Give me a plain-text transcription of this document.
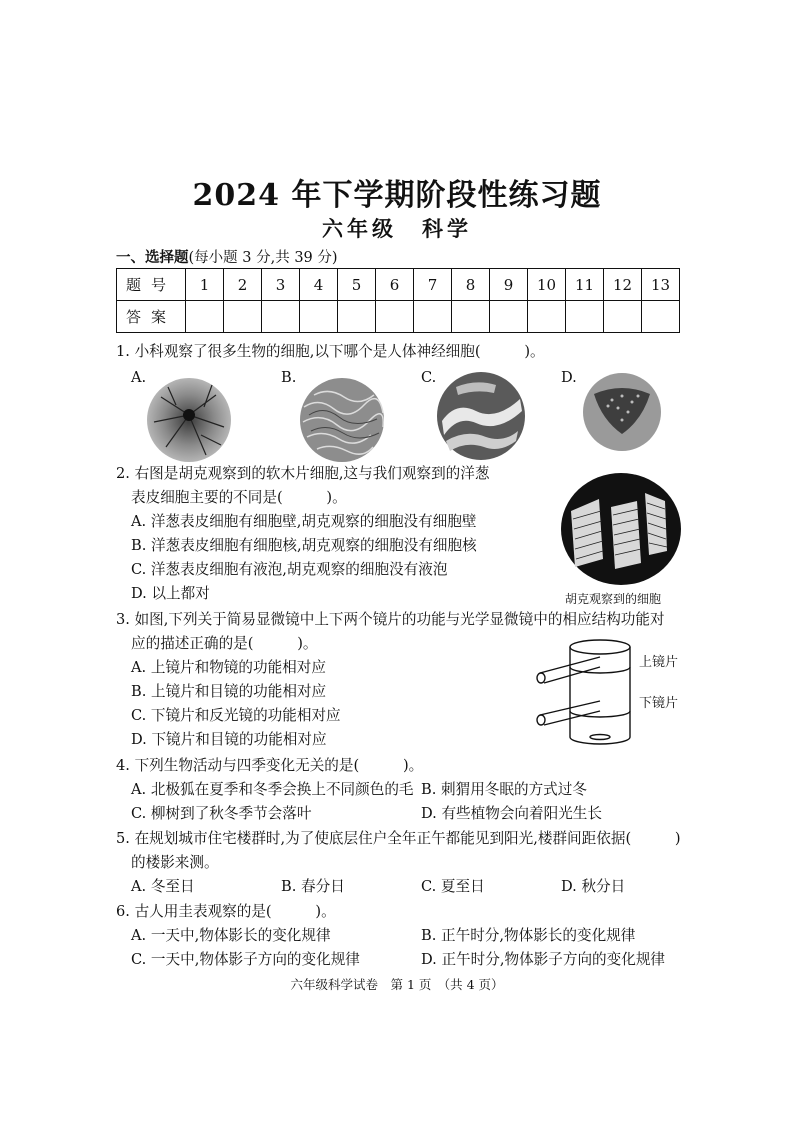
2024 年下学期阶段性练习题
六年级　科学
一、选择题(每小题 3 分,共 39 分)
题号	1	2	3	4	5	6	7	8	9	10	11	12	13
答案													
1. 小科观察了很多生物的细胞,以下哪个是人体神经细胞(　　　)。
A.	B.	C.	D.
2. 右图是胡克观察到的软木片细胞,这与我们观察到的洋葱
表皮细胞主要的不同是(　　　)。
A. 洋葱表皮细胞有细胞壁,胡克观察的细胞没有细胞壁
B. 洋葱表皮细胞有细胞核,胡克观察的细胞没有细胞核
C. 洋葱表皮细胞有液泡,胡克观察的细胞没有液泡
D. 以上都对	胡克观察到的细胞
3. 如图,下列关于简易显微镜中上下两个镜片的功能与光学显微镜中的相应结构功能对
应的描述正确的是(　　　)。
A. 上镜片和物镜的功能相对应
B. 上镜片和目镜的功能相对应
C. 下镜片和反光镜的功能相对应
D. 下镜片和目镜的功能相对应
上镜片
下镜片
4. 下列生物活动与四季变化无关的是(　　　)。
A. 北极狐在夏季和冬季会换上不同颜色的毛 B. 刺猬用冬眠的方式过冬
C. 柳树到了秋冬季节会落叶	D. 有些植物会向着阳光生长
5. 在规划城市住宅楼群时,为了使底层住户全年正午都能见到阳光,楼群间距依据(　　　)
的楼影来测。
A. 冬至日	B. 春分日	C. 夏至日	D. 秋分日
6. 古人用圭表观察的是(　　　)。
A. 一天中,物体影长的变化规律	B. 正午时分,物体影长的变化规律
C. 一天中,物体影子方向的变化规律	D. 正午时分,物体影子方向的变化规律
六年级科学试卷　第 1 页　（共 4 页）
